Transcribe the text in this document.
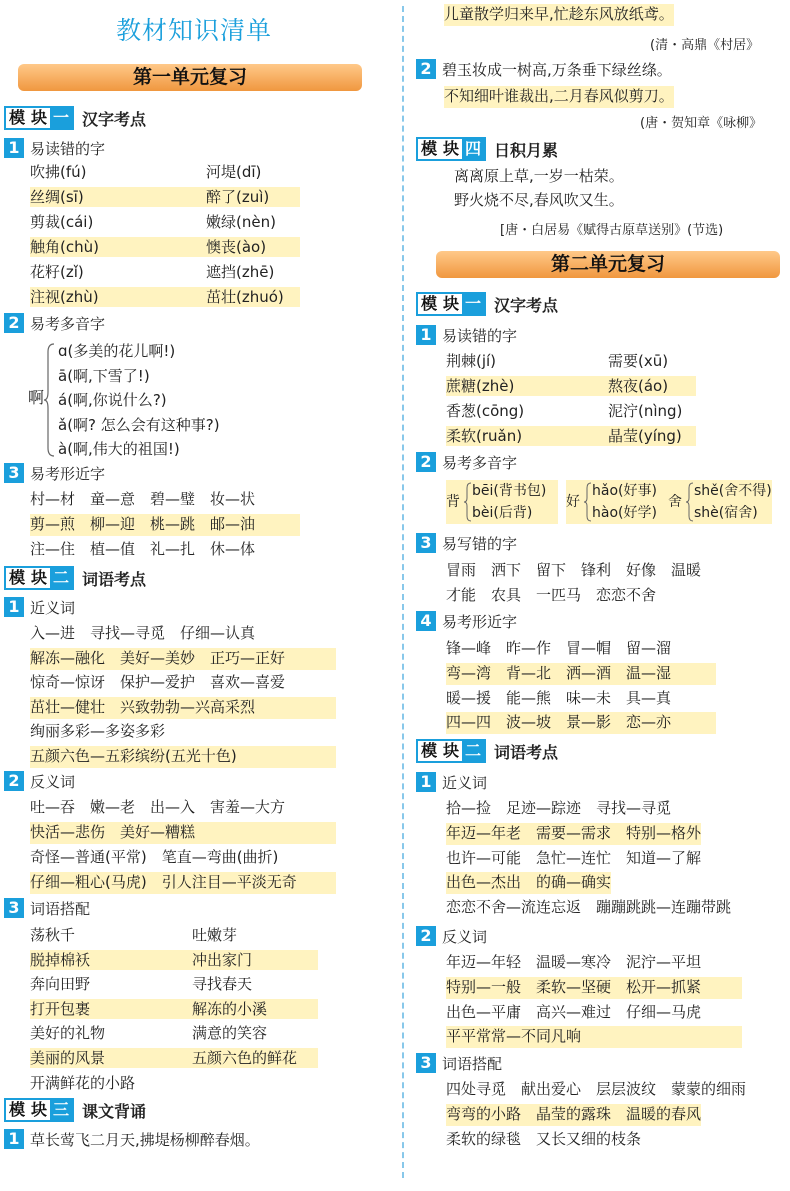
教材知识清单
第一单元复习
模 块 一 汉字考点
1 易读错的字
吹拂(fú)	河堤(dī)
丝绸(sī)	醉了(zuì)
剪裁(cái)	嫩绿(nèn)
触角(chù)	懊丧(ào)
花籽(zǐ)	遮挡(zhē)
注视(zhù)	茁壮(zhuó)
2 易考多音字
啊
ɑ(多美的花儿啊!)
ā(啊,下雪了!)
á(啊,你说什么?)
ǎ(啊? 怎么会有这种事?)
à(啊,伟大的祖国!)
3 易考形近字
村—材　童—意　碧—璧　妆—状
剪—煎　柳—迎　桃—跳　邮—油
注—住　植—值　礼—扎　休—体
模 块 二 词语考点
1 近义词
入—进　寻找—寻觅　仔细—认真
解冻—融化　美好—美妙　正巧—正好
惊奇—惊讶　保护—爱护　喜欢—喜爱
茁壮—健壮　兴致勃勃—兴高采烈
绚丽多彩—多姿多彩
五颜六色—五彩缤纷(五光十色)
2 反义词
吐—吞　嫩—老　出—入　害羞—大方
快活—悲伤　美好—糟糕
奇怪—普通(平常)　笔直—弯曲(曲折)
仔细—粗心(马虎)　引人注目—平淡无奇
3 词语搭配
荡秋千	吐嫩芽
脱掉棉袄	冲出家门
奔向田野	寻找春天
打开包裹	解冻的小溪
美好的礼物	满意的笑容
美丽的风景	五颜六色的鲜花
开满鲜花的小路
模 块 三 课文背诵
1 草长莺飞二月天,拂堤杨柳醉春烟。
儿童散学归来早,忙趁东风放纸鸢。
(清・高鼎《村居》
2 碧玉妆成一树高,万条垂下绿丝绦。
不知细叶谁裁出,二月春风似剪刀。
(唐・贺知章《咏柳》
模 块 四 日积月累
离离原上草,一岁一枯荣。
野火烧不尽,春风吹又生。
[唐・白居易《赋得古原草送别》(节选)
第二单元复习
模 块 一 汉字考点
1 易读错的字
荆棘(jí)	需要(xū)
蔗糖(zhè)	熬夜(áo)
香葱(cōng)	泥泞(nìng)
柔软(ruǎn)	晶莹(yíng)
2 易考多音字
背
bēi(背书包)
bèi(后背)
好
hǎo(好事)
hào(好学)
舍
shě(舍不得)
shè(宿舍)
3 易写错的字
冒雨　洒下　留下　锋利　好像　温暖
才能　农具　一匹马　恋恋不舍
4 易考形近字
锋—峰　昨—作　冒—帽　留—溜
弯—湾　背—北　洒—酒　温—湿
暖—援　能—熊　味—未　具—真
四—四　波—坡　景—影　恋—亦
模 块 二 词语考点
1 近义词
拾—捡　足迹—踪迹　寻找—寻觅
年迈—年老　需要—需求　特别—格外
也许—可能　急忙—连忙　知道—了解
出色—杰出　的确—确实
恋恋不舍—流连忘返　蹦蹦跳跳—连蹦带跳
2 反义词
年迈—年轻　温暖—寒冷　泥泞—平坦
特别—一般　柔软—坚硬　松开—抓紧
出色—平庸　高兴—难过　仔细—马虎
平平常常—不同凡响
3 词语搭配
四处寻觅　献出爱心　层层波纹　蒙蒙的细雨
弯弯的小路　晶莹的露珠　温暖的春风
柔软的绿毯　又长又细的枝条
